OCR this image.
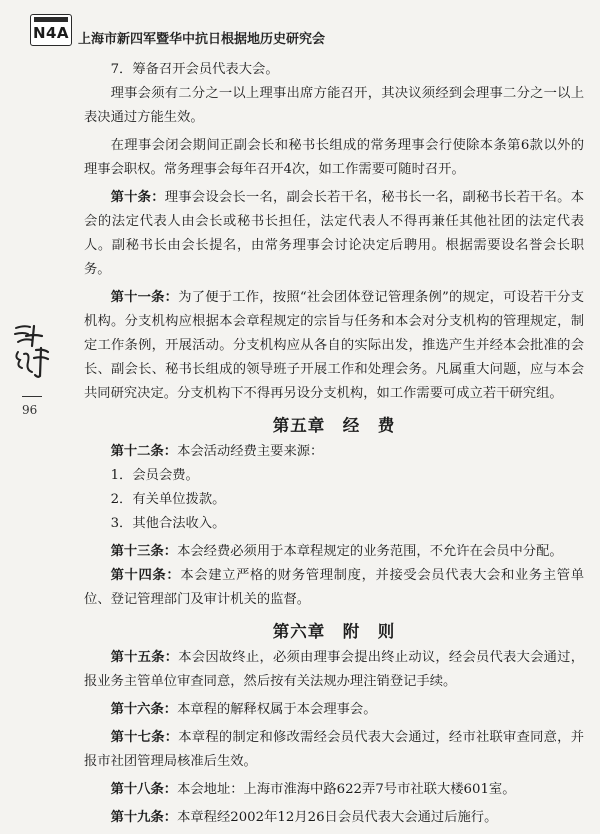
N4A 上海市新四军暨华中抗日根据地历史研究会
96

7．筹备召开会员代表大会。

理事会须有二分之一以上理事出席方能召开，其决议须经到会理事二分之一以上表决通过方能生效。

在理事会闭会期间正副会长和秘书长组成的常务理事会行使除本条第6款以外的理事会职权。常务理事会每年召开4次，如工作需要可随时召开。

第十条：理事会设会长一名，副会长若干名，秘书长一名，副秘书长若干名。本会的法定代表人由会长或秘书长担任，法定代表人不得再兼任其他社团的法定代表人。副秘书长由会长提名，由常务理事会讨论决定后聘用。根据需要设名誉会长职务。

第十一条：为了便于工作，按照“社会团体登记管理条例”的规定，可设若干分支机构。分支机构应根据本会章程规定的宗旨与任务和本会对分支机构的管理规定，制定工作条例，开展活动。分支机构应从各自的实际出发，推选产生并经本会批准的会长、副会长、秘书长组成的领导班子开展工作和处理会务。凡属重大问题，应与本会共同研究决定。分支机构下不得再另设分支机构，如工作需要可成立若干研究组。

第五章　经　费

第十二条：本会活动经费主要来源：

1．会员会费。

2．有关单位拨款。

3．其他合法收入。

第十三条：本会经费必须用于本章程规定的业务范围，不允许在会员中分配。

第十四条：本会建立严格的财务管理制度，并接受会员代表大会和业务主管单位、登记管理部门及审计机关的监督。

第六章　附　则

第十五条：本会因故终止，必须由理事会提出终止动议，经会员代表大会通过，报业务主管单位审查同意，然后按有关法规办理注销登记手续。

第十六条：本章程的解释权属于本会理事会。

第十七条：本章程的制定和修改需经会员代表大会通过，经市社联审查同意，并报市社团管理局核准后生效。

第十八条：本会地址：上海市淮海中路622弄7号市社联大楼601室。

第十九条：本章程经2002年12月26日会员代表大会通过后施行。
